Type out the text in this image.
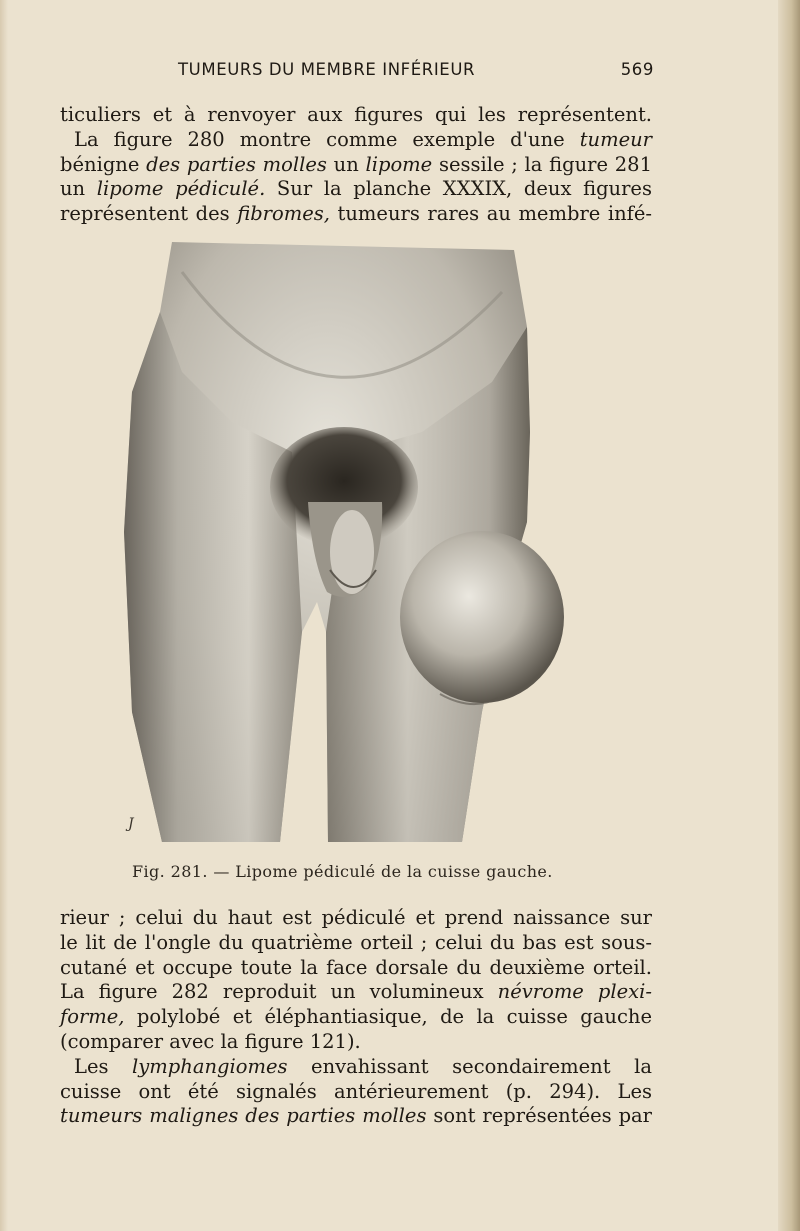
TUMEURS DU MEMBRE INFÉRIEUR	569
ticuliers et à renvoyer aux figures qui les représentent.
La figure 280 montre comme exemple d'une tumeur
bénigne des parties molles un lipome sessile ; la figure 281
un lipome pédiculé. Sur la planche XXXIX, deux figures
représentent des fibromes, tumeurs rares au membre infé-
J
Fig. 281. — Lipome pédiculé de la cuisse gauche.
rieur ; celui du haut est pédiculé et prend naissance sur
le lit de l'ongle du quatrième orteil ; celui du bas est sous-
cutané et occupe toute la face dorsale du deuxième orteil.
La figure 282 reproduit un volumineux névrome plexi-
forme, polylobé et éléphantiasique, de la cuisse gauche
(comparer avec la figure 121).
Les lymphangiomes envahissant secondairement la
cuisse ont été signalés antérieurement (p. 294). Les
tumeurs malignes des parties molles sont représentées par
